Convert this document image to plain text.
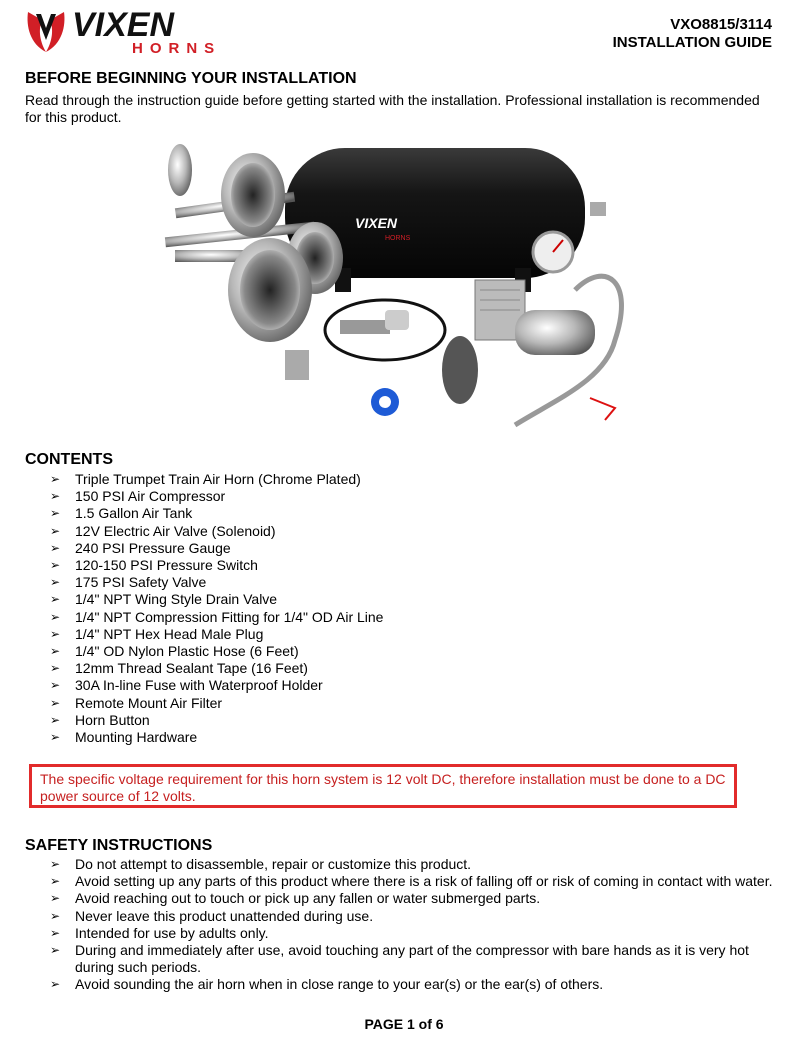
VIXEN
HORNS
VXO8815/3114
INSTALLATION GUIDE
BEFORE BEGINNING YOUR INSTALLATION
Read through the instruction guide before getting started with the installation. Professional installation is recommended for this product.
VIXEN
HORNS
CONTENTS
➢ Triple Trumpet Train Air Horn (Chrome Plated)
➢ 150 PSI Air Compressor
➢ 1.5 Gallon Air Tank
➢ 12V Electric Air Valve (Solenoid)
➢ 240 PSI Pressure Gauge
➢ 120-150 PSI Pressure Switch
➢ 175 PSI Safety Valve
➢ 1/4" NPT Wing Style Drain Valve
➢ 1/4" NPT Compression Fitting for 1/4" OD Air Line
➢ 1/4" NPT Hex Head Male Plug
➢ 1/4" OD Nylon Plastic Hose (6 Feet)
➢ 12mm Thread Sealant Tape (16 Feet)
➢ 30A In-line Fuse with Waterproof Holder
➢ Remote Mount Air Filter
➢ Horn Button
➢ Mounting Hardware
The specific voltage requirement for this horn system is 12 volt DC, therefore installation must be done to a DC power source of 12 volts.
SAFETY INSTRUCTIONS
➢ Do not attempt to disassemble, repair or customize this product.
➢ Avoid setting up any parts of this product where there is a risk of falling off or risk of coming in contact with water.
➢ Avoid reaching out to touch or pick up any fallen or water submerged parts.
➢ Never leave this product unattended during use.
➢ Intended for use by adults only.
➢ During and immediately after use, avoid touching any part of the compressor with bare hands as it is very hot during such periods.
➢ Avoid sounding the air horn when in close range to your ear(s) or the ear(s) of others.
PAGE 1 of 6
